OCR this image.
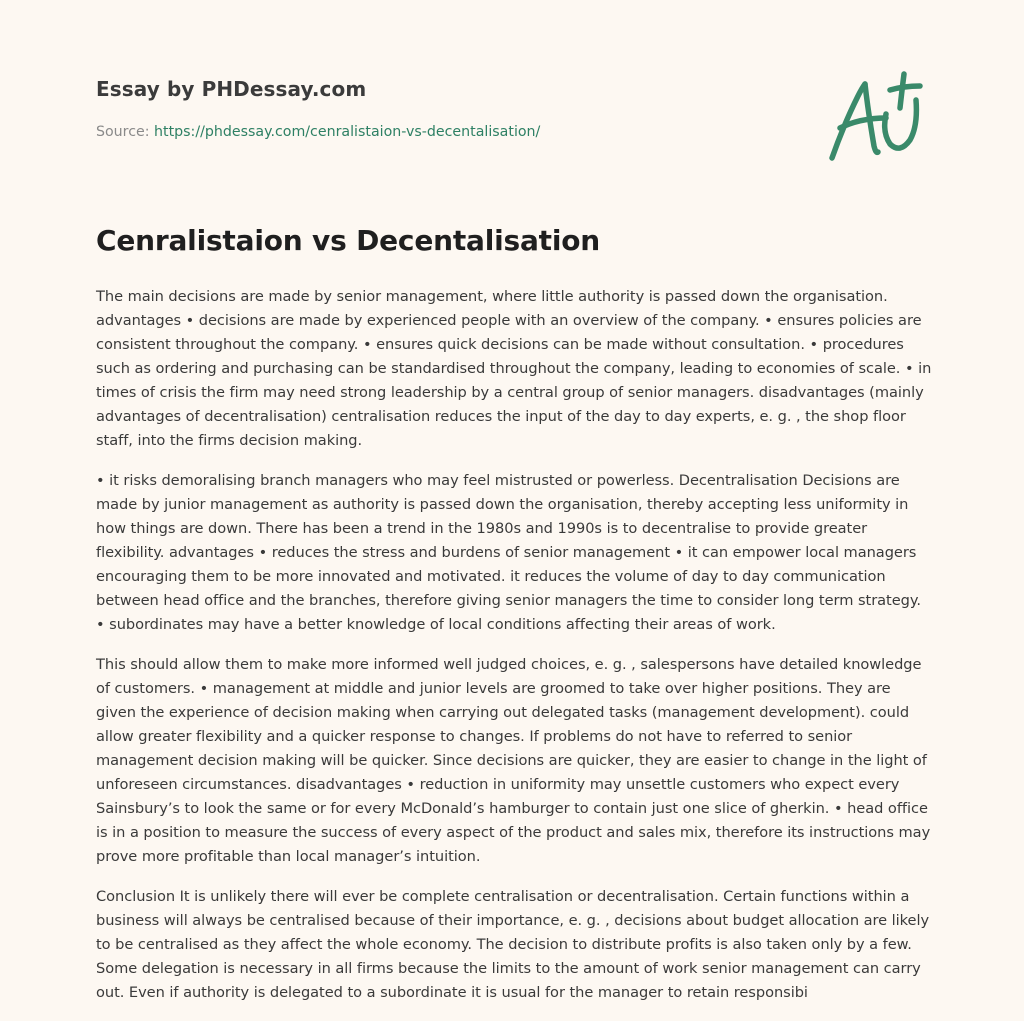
Essay by PHDessay.com
Source: https://phdessay.com/cenralistaion-vs-decentalisation/
Cenralistaion vs Decentalisation

The main decisions are made by senior management, where little authority is passed down the organisation. advantages • decisions are made by experienced people with an overview of the company. • ensures policies are consistent throughout the company. • ensures quick decisions can be made without consultation. • procedures such as ordering and purchasing can be standardised throughout the company, leading to economies of scale. • in times of crisis the firm may need strong leadership by a central group of senior managers. disadvantages (mainly advantages of decentralisation) centralisation reduces the input of the day to day experts, e. g. , the shop floor staff, into the firms decision making.

• it risks demoralising branch managers who may feel mistrusted or powerless. Decentralisation Decisions are made by junior management as authority is passed down the organisation, thereby accepting less uniformity in how things are down. There has been a trend in the 1980s and 1990s is to decentralise to provide greater flexibility. advantages • reduces the stress and burdens of senior management • it can empower local managers encouraging them to be more innovated and motivated. it reduces the volume of day to day communication between head office and the branches, therefore giving senior managers the time to consider long term strategy. • subordinates may have a better knowledge of local conditions affecting their areas of work.

This should allow them to make more informed well judged choices, e. g. , salespersons have detailed knowledge of customers. • management at middle and junior levels are groomed to take over higher positions. They are given the experience of decision making when carrying out delegated tasks (management development). could allow greater flexibility and a quicker response to changes. If problems do not have to referred to senior management decision making will be quicker. Since decisions are quicker, they are easier to change in the light of unforeseen circumstances. disadvantages • reduction in uniformity may unsettle customers who expect every Sainsbury’s to look the same or for every McDonald’s hamburger to contain just one slice of gherkin. • head office is in a position to measure the success of every aspect of the product and sales mix, therefore its instructions may prove more profitable than local manager’s intuition.

Conclusion It is unlikely there will ever be complete centralisation or decentralisation. Certain functions within a business will always be centralised because of their importance, e. g. , decisions about budget allocation are likely to be centralised as they affect the whole economy. The decision to distribute profits is also taken only by a few. Some delegation is necessary in all firms because the limits to the amount of work senior management can carry out. Even if authority is delegated to a subordinate it is usual for the manager to retain responsibi
